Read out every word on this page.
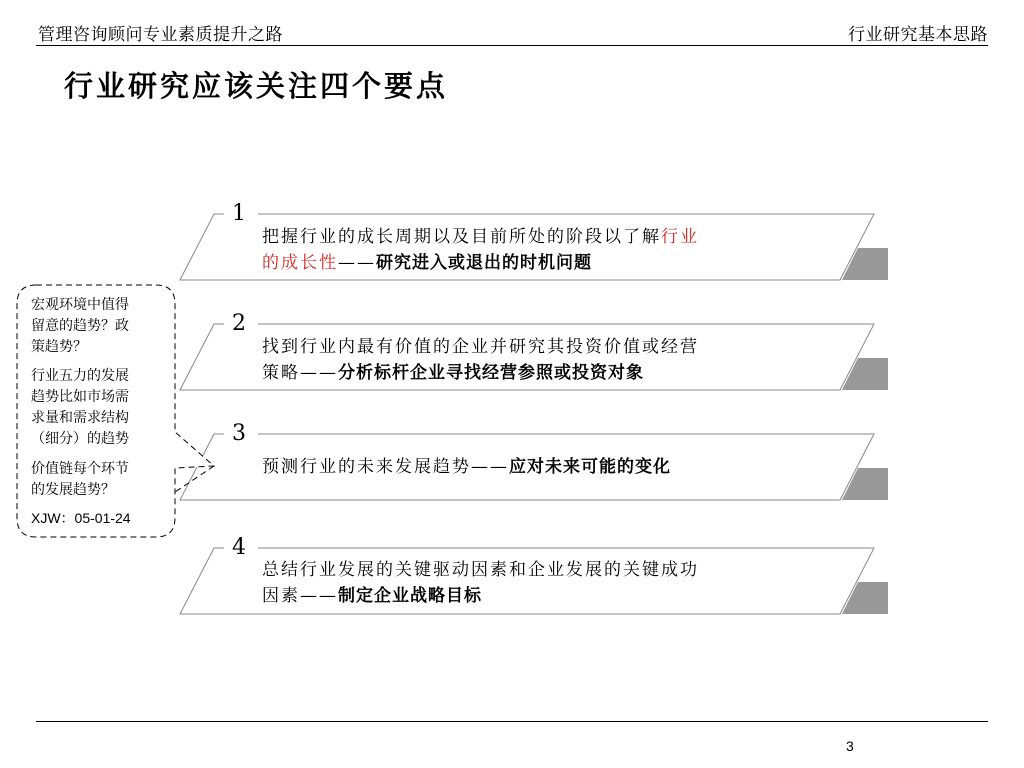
管理咨询顾问专业素质提升之路	行业研究基本思路
行业研究应该关注四个要点
1
2
3
4
把握行业的成长周期以及目前所处的阶段以了解行业
的成长性——研究进入或退出的时机问题
找到行业内最有价值的企业并研究其投资价值或经营
策略——分析标杆企业寻找经营参照或投资对象
预测行业的未来发展趋势——应对未来可能的变化
总结行业发展的关键驱动因素和企业发展的关键成功
因素——制定企业战略目标
宏观环境中值得
留意的趋势？政
策趋势？
行业五力的发展
趋势比如市场需
求量和需求结构
（细分）的趋势
价值链每个环节
的发展趋势？
XJW：05-01-24
3
